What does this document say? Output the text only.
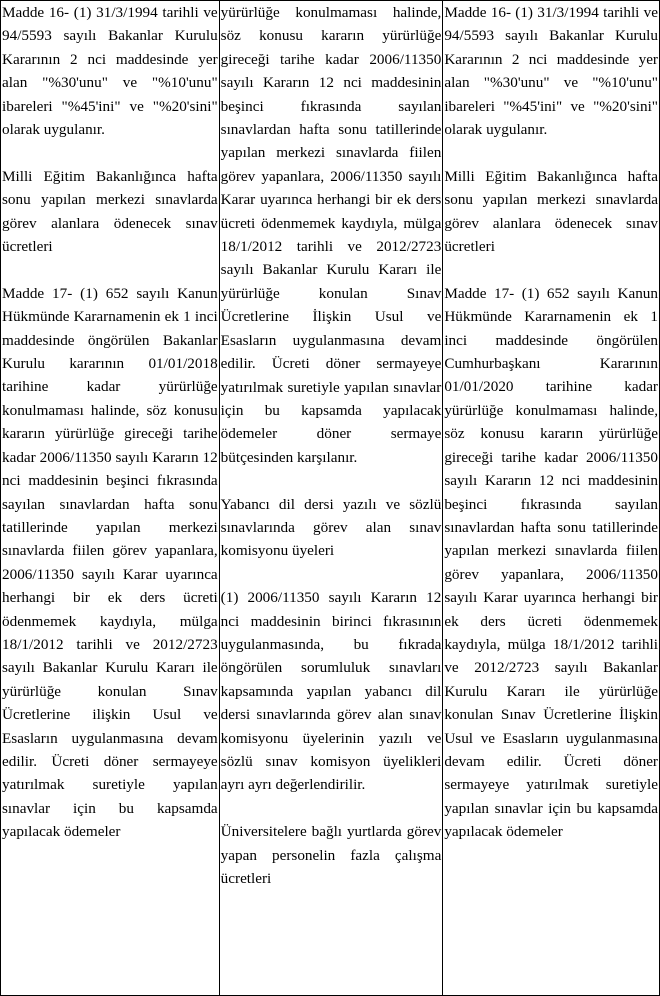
Madde 16- (1) 31/3/1994 tarihli ve 94/5593 sayılı Bakanlar Kurulu Kararının 2 nci maddesinde yer alan "%30'unu" ve "%10'unu" ibareleri "%45'ini" ve "%20'sini" olarak uygulanır.

Milli Eğitim Bakanlığınca hafta sonu yapılan merkezi sınavlarda görev alanlara ödenecek sınav ücretleri

Madde 17- (1) 652 sayılı Kanun Hükmünde Kararnamenin ek 1 inci maddesinde öngörülen Bakanlar Kurulu kararının 01/01/2018 tarihine kadar yürürlüğe konulmaması halinde, söz konusu kararın yürürlüğe gireceği tarihe kadar 2006/11350 sayılı Kararın 12 nci maddesinin beşinci fıkrasında sayılan sınavlardan hafta sonu tatillerinde yapılan merkezi sınavlarda fiilen görev yapanlara, 2006/11350 sayılı Karar uyarınca herhangi bir ek ders ücreti ödenmemek kaydıyla, mülga 18/1/2012 tarihli ve 2012/2723 sayılı Bakanlar Kurulu Kararı ile yürürlüğe konulan Sınav Ücretlerine ilişkin Usul ve Esasların uygulanmasına devam edilir. Ücreti döner sermayeye yatırılmak suretiyle yapılan sınavlar için bu kapsamda yapılacak ödemeler

yürürlüğe konulmaması halinde, söz konusu kararın yürürlüğe gireceği tarihe kadar 2006/11350 sayılı Kararın 12 nci maddesinin beşinci fıkrasında sayılan sınavlardan hafta sonu tatillerinde yapılan merkezi sınavlarda fiilen görev yapanlara, 2006/11350 sayılı Karar uyarınca herhangi bir ek ders ücreti ödenmemek kaydıyla, mülga 18/1/2012 tarihli ve 2012/2723 sayılı Bakanlar Kurulu Kararı ile yürürlüğe konulan Sınav Ücretlerine İlişkin Usul ve Esasların uygulanmasına devam edilir. Ücreti döner sermayeye yatırılmak suretiyle yapılan sınavlar için bu kapsamda yapılacak ödemeler döner sermaye bütçesinden karşılanır.

Yabancı dil dersi yazılı ve sözlü sınavlarında görev alan sınav komisyonu üyeleri

(1) 2006/11350 sayılı Kararın 12 nci maddesinin birinci fıkrasının uygulanmasında, bu fıkrada öngörülen sorumluluk sınavları kapsamında yapılan yabancı dil dersi sınavlarında görev alan sınav komisyonu üyelerinin yazılı ve sözlü sınav komisyon üyelikleri ayrı ayrı değerlendirilir.

Üniversitelere bağlı yurtlarda görev yapan personelin fazla çalışma ücretleri

Madde 16- (1) 31/3/1994 tarihli ve 94/5593 sayılı Bakanlar Kurulu Kararının 2 nci maddesinde yer alan "%30'unu" ve "%10'unu" ibareleri "%45'ini" ve "%20'sini" olarak uygulanır.

Milli Eğitim Bakanlığınca hafta sonu yapılan merkezi sınavlarda görev alanlara ödenecek sınav ücretleri

Madde 17- (1) 652 sayılı Kanun Hükmünde Kararnamenin ek 1 inci maddesinde öngörülen Cumhurbaşkanı Kararının 01/01/2020 tarihine kadar yürürlüğe konulmaması halinde, söz konusu kararın yürürlüğe gireceği tarihe kadar 2006/11350 sayılı Kararın 12 nci maddesinin beşinci fıkrasında sayılan sınavlardan hafta sonu tatillerinde yapılan merkezi sınavlarda fiilen görev yapanlara, 2006/11350 sayılı Karar uyarınca herhangi bir ek ders ücreti ödenmemek kaydıyla, mülga 18/1/2012 tarihli ve 2012/2723 sayılı Bakanlar Kurulu Kararı ile yürürlüğe konulan Sınav Ücretlerine İlişkin Usul ve Esasların uygulanmasına devam edilir. Ücreti döner sermayeye yatırılmak suretiyle yapılan sınavlar için bu kapsamda yapılacak ödemeler
